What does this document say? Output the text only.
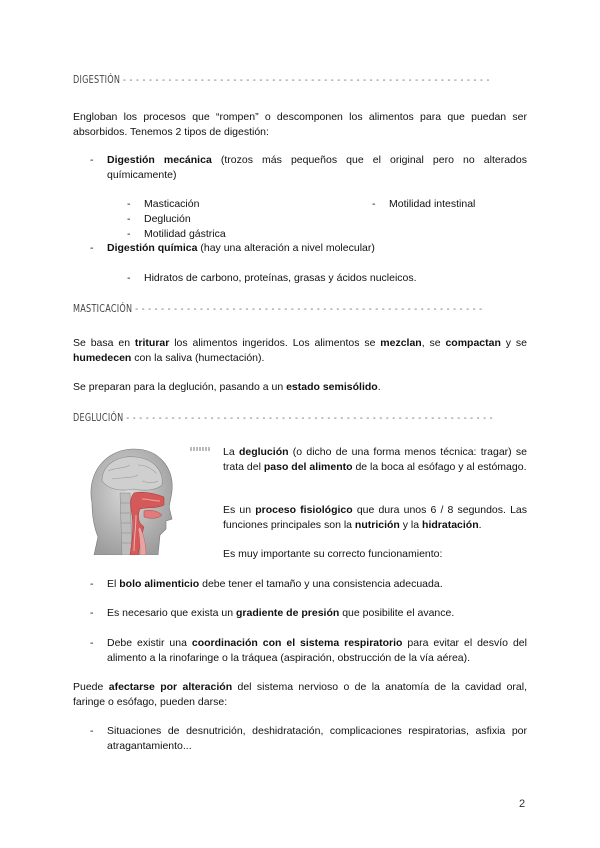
DIGESTIÓN - - - - - - - - - - - - - - - - - - - - - - - - - - - - - - - - - - - - - - - - - - - - - - - - - - - - - - - - -

Engloban los procesos que “rompen” o descomponen los alimentos para que puedan ser absorbidos. Tenemos 2 tipos de digestión:

- Digestión mecánica (trozos más pequeños que el original pero no alterados químicamente)

- Masticación
- Deglución
- Motilidad gástrica
- Motilidad intestinal
- Digestión química (hay una alteración a nivel molecular)

- Hidratos de carbono, proteínas, grasas y ácidos nucleicos.
MASTICACIÓN - - - - - - - - - - - - - - - - - - - - - - - - - - - - - - - - - - - - - - - - - - - - - - - - - - - - - -

Se basa en triturar los alimentos ingeridos. Los alimentos se mezclan, se compactan y se humedecen con la saliva (humectación).

Se preparan para la deglución, pasando a un estado semisólido.

DEGLUCIÓN - - - - - - - - - - - - - - - - - - - - - - - - - - - - - - - - - - - - - - - - - - - - - - - - - - - - - - - - -

La deglución (o dicho de una forma menos técnica: tragar) se trata del paso del alimento de la boca al esófago y al estómago.

Es un proceso fisiológico que dura unos 6 / 8 segundos. Las funciones principales son la nutrición y la hidratación.

Es muy importante su correcto funcionamiento:

- El bolo alimenticio debe tener el tamaño y una consistencia adecuada.

- Es necesario que exista un gradiente de presión que posibilite el avance.

- Debe existir una coordinación con el sistema respiratorio para evitar el desvío del alimento a la rinofaringe o la tráquea (aspiración, obstrucción de la vía aérea).

Puede afectarse por alteración del sistema nervioso o de la anatomía de la cavidad oral, faringe o esófago, pueden darse:

- Situaciones de desnutrición, deshidratación, complicaciones respiratorias, asfixia por atragantamiento...

2
